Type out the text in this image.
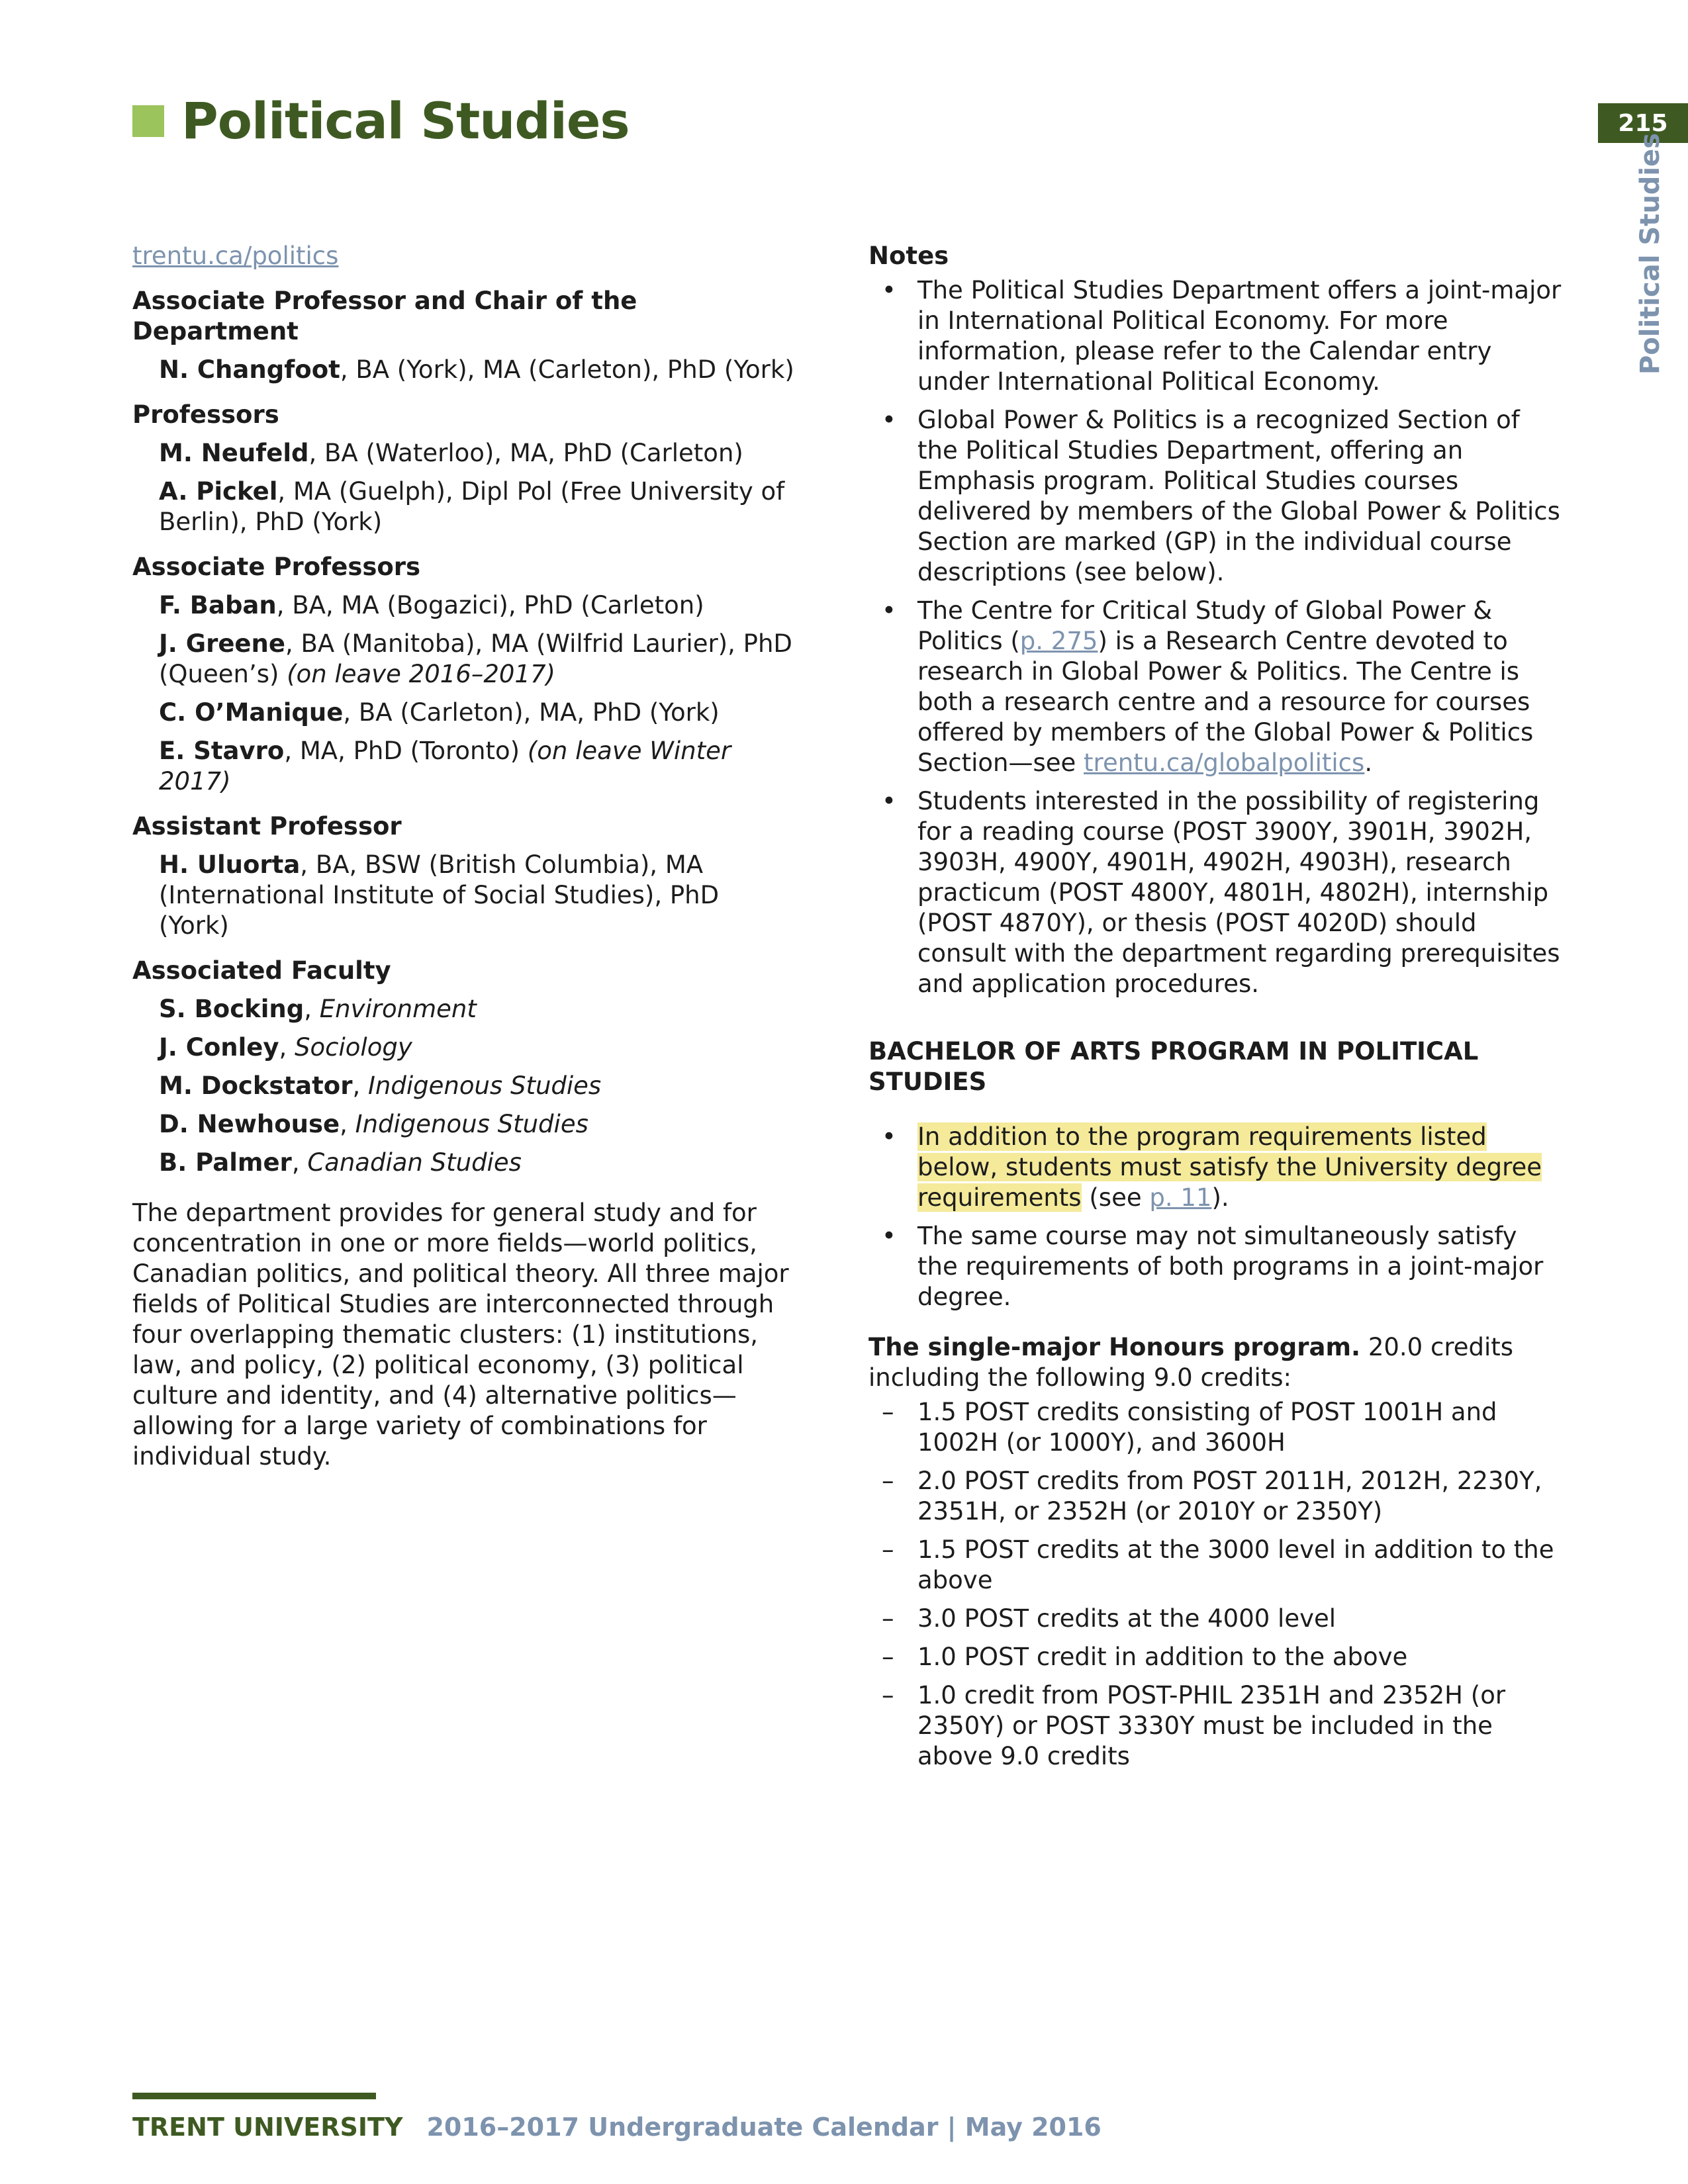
Political Studies	215
Political Studies
trentu.ca/politics

Associate Professor and Chair of the Department

N. Changfoot, BA (York), MA (Carleton), PhD (York)

Professors

M. Neufeld, BA (Waterloo), MA, PhD (Carleton)
A. Pickel, MA (Guelph), Dipl Pol (Free University of Berlin), PhD (York)

Associate Professors

F. Baban, BA, MA (Bogazici), PhD (Carleton)
J. Greene, BA (Manitoba), MA (Wilfrid Laurier), PhD (Queen’s) (on leave 2016–2017)
C. O’Manique, BA (Carleton), MA, PhD (York)
E. Stavro, MA, PhD (Toronto) (on leave Winter 2017)

Assistant Professor

H. Uluorta, BA, BSW (British Columbia), MA (International Institute of Social Studies), PhD (York)

Associated Faculty

S. Bocking, Environment
J. Conley, Sociology
M. Dockstator, Indigenous Studies
D. Newhouse, Indigenous Studies
B. Palmer, Canadian Studies
The department provides for general study and for concentration in one or more fields—world politics, Canadian politics, and political theory. All three major fields of Political Studies are interconnected through four overlapping thematic clusters: (1) institutions, law, and policy, (2) political economy, (3) political culture and identity, and (4) alternative politics—allowing for a large variety of combinations for individual study.

Notes

• The Political Studies Department offers a joint-major in International Political Economy. For more information, please refer to the Calendar entry under International Political Economy.
• Global Power & Politics is a recognized Section of the Political Studies Department, offering an Emphasis program. Political Studies courses delivered by members of the Global Power & Politics Section are marked (GP) in the individual course descriptions (see below).
• The Centre for Critical Study of Global Power & Politics (p. 275) is a Research Centre devoted to research in Global Power & Politics. The Centre is both a research centre and a resource for courses offered by members of the Global Power & Politics Section—see trentu.ca/globalpolitics.
• Students interested in the possibility of registering for a reading course (POST 3900Y, 3901H, 3902H, 3903H, 4900Y, 4901H, 4902H, 4903H), research practicum (POST 4800Y, 4801H, 4802H), internship (POST 4870Y), or thesis (POST 4020D) should consult with the department regarding prerequisites and application procedures.

BACHELOR OF ARTS PROGRAM IN POLITICAL STUDIES

• In addition to the program requirements listed below, students must satisfy the University degree requirements (see p. 11).
• The same course may not simultaneously satisfy the requirements of both programs in a joint-major degree.
The single-major Honours program. 20.0 credits including the following 9.0 credits:
– 1.5 POST credits consisting of POST 1001H and 1002H (or 1000Y), and 3600H
– 2.0 POST credits from POST 2011H, 2012H, 2230Y, 2351H, or 2352H (or 2010Y or 2350Y)
– 1.5 POST credits at the 3000 level in addition to the above
– 3.0 POST credits at the 4000 level
– 1.0 POST credit in addition to the above
– 1.0 credit from POST-PHIL 2351H and 2352H (or 2350Y) or POST 3330Y must be included in the above 9.0 credits
TRENT UNIVERSITY 2016–2017 Undergraduate Calendar | May 2016
